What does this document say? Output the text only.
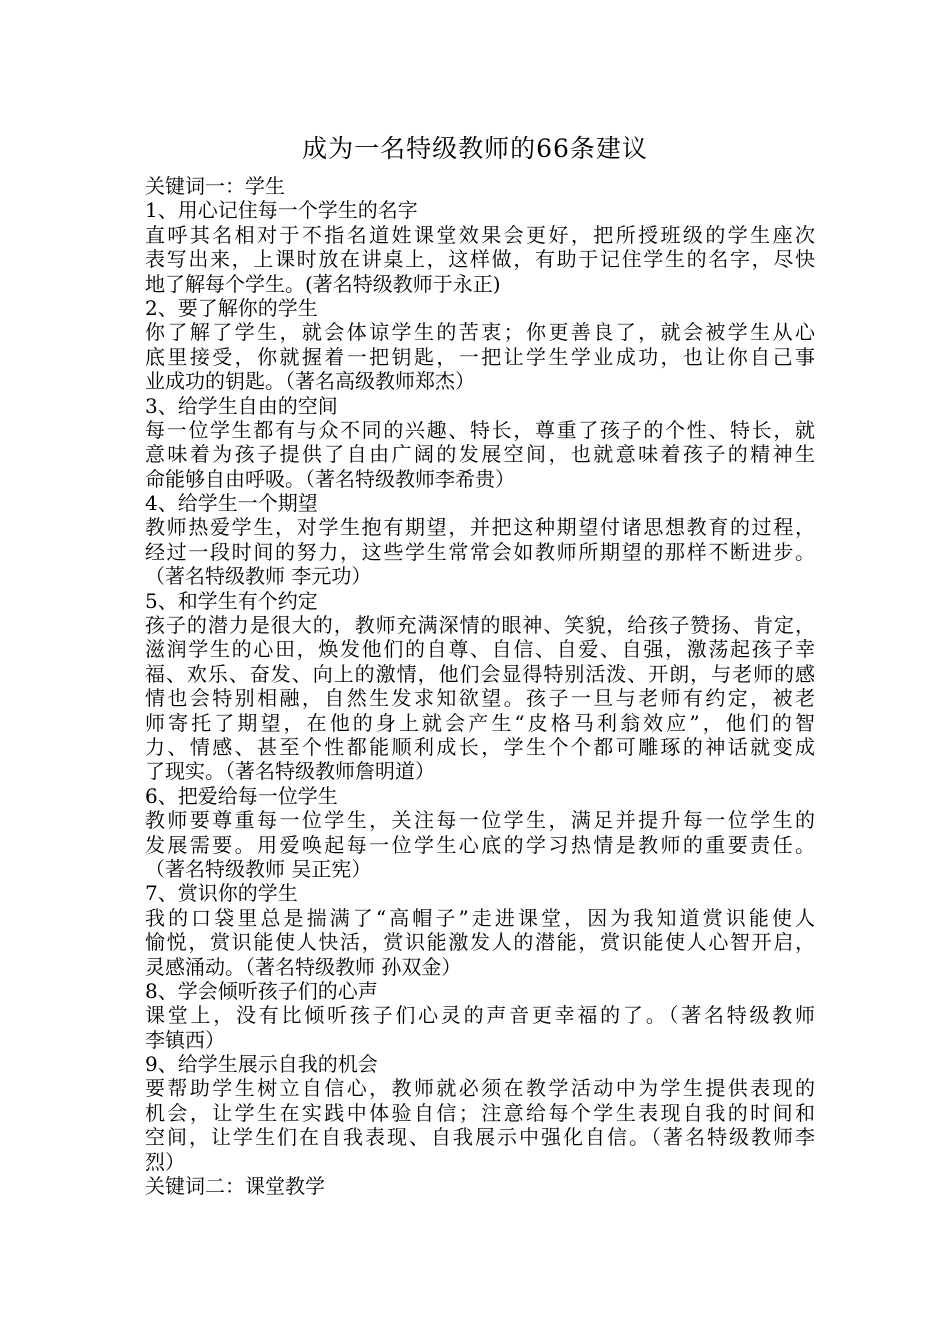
成为一名特级教师的66条建议
关键词一：学生
1、用心记住每一个学生的名字
直呼其名相对于不指名道姓课堂效果会更好，把所授班级的学生座次
表写出来，上课时放在讲桌上，这样做，有助于记住学生的名字，尽快
地了解每个学生。(著名特级教师于永正)
2、要了解你的学生
你了解了学生，就会体谅学生的苦衷；你更善良了，就会被学生从心
底里接受，你就握着一把钥匙，一把让学生学业成功，也让你自己事
业成功的钥匙。（著名高级教师郑杰）
3、给学生自由的空间
每一位学生都有与众不同的兴趣、特长，尊重了孩子的个性、特长，就
意味着为孩子提供了自由广阔的发展空间，也就意味着孩子的精神生
命能够自由呼吸。（著名特级教师李希贵）
4、给学生一个期望
教师热爱学生，对学生抱有期望，并把这种期望付诸思想教育的过程，
经过一段时间的努力，这些学生常常会如教师所期望的那样不断进步。
（著名特级教师 李元功）
5、和学生有个约定
孩子的潜力是很大的，教师充满深情的眼神、笑貌，给孩子赞扬、肯定，
滋润学生的心田，焕发他们的自尊、自信、自爱、自强，激荡起孩子幸
福、欢乐、奋发、向上的激情，他们会显得特别活泼、开朗，与老师的感
情也会特别相融，自然生发求知欲望。孩子一旦与老师有约定，被老
师寄托了期望，在他的身上就会产生“皮格马利翁效应”，他们的智
力、情感、甚至个性都能顺利成长，学生个个都可雕琢的神话就变成
了现实。（著名特级教师詹明道）
6、把爱给每一位学生
教师要尊重每一位学生，关注每一位学生，满足并提升每一位学生的
发展需要。用爱唤起每一位学生心底的学习热情是教师的重要责任。
（著名特级教师 吴正宪）
7、赏识你的学生
我的口袋里总是揣满了“高帽子”走进课堂，因为我知道赏识能使人
愉悦，赏识能使人快活，赏识能激发人的潜能，赏识能使人心智开启，
灵感涌动。（著名特级教师 孙双金）
8、学会倾听孩子们的心声
课堂上，没有比倾听孩子们心灵的声音更幸福的了。（著名特级教师
李镇西）
9、给学生展示自我的机会
要帮助学生树立自信心，教师就必须在教学活动中为学生提供表现的
机会，让学生在实践中体验自信；注意给每个学生表现自我的时间和
空间，让学生们在自我表现、自我展示中强化自信。（著名特级教师李
烈）
关键词二：课堂教学
